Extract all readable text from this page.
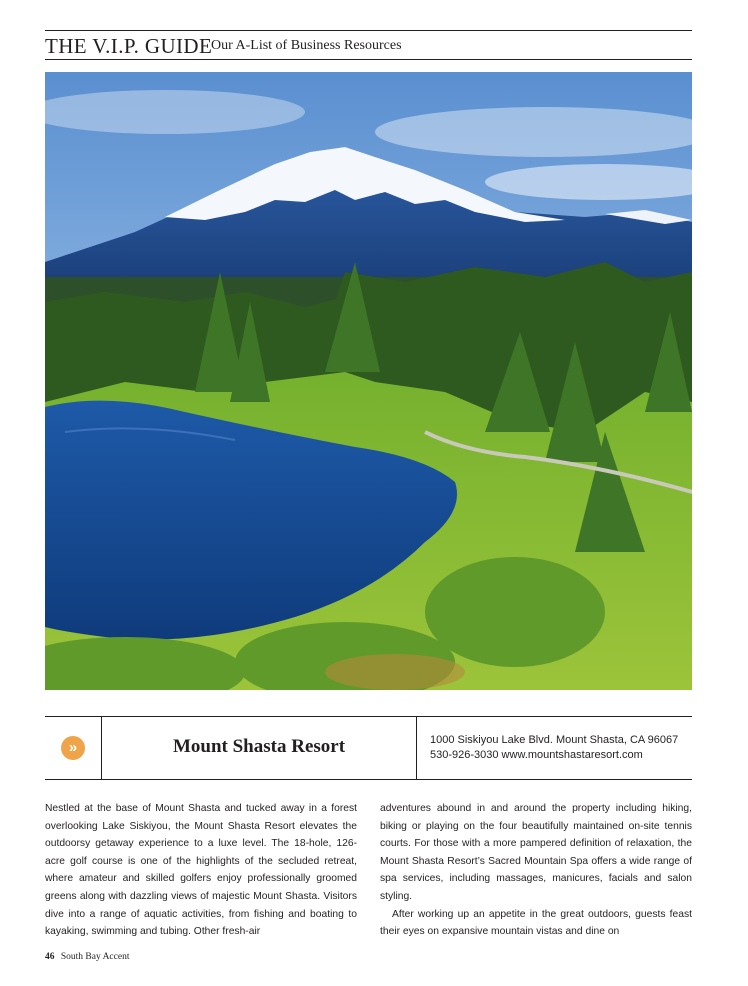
THE V.I.P. GUIDE
Our A-List of Business Resources
»	Mount Shasta Resort	1000 Siskiyou Lake Blvd. Mount Shasta, CA 96067
530-926-3030 www.mountshastaresort.com

Nestled at the base of Mount Shasta and tucked away in a forest overlooking Lake Siskiyou, the Mount Shasta Resort elevates the outdoorsy getaway experience to a luxe level. The 18-hole, 126-acre golf course is one of the highlights of the secluded retreat, where amateur and skilled golfers enjoy professionally groomed greens along with dazzling views of majestic Mount Shasta. Visitors dive into a range of aquatic activities, from fishing and boating to kayaking, swimming and tubing. Other fresh-air

adventures abound in and around the property including hiking, biking or playing on the four beautifully maintained on-site tennis courts. For those with a more pampered definition of relaxation, the Mount Shasta Resort’s Sacred Mountain Spa offers a wide range of spa services, including massages, manicures, facials and salon styling.

After working up an appetite in the great outdoors, guests feast their eyes on expansive mountain vistas and dine on

46 South Bay Accent
